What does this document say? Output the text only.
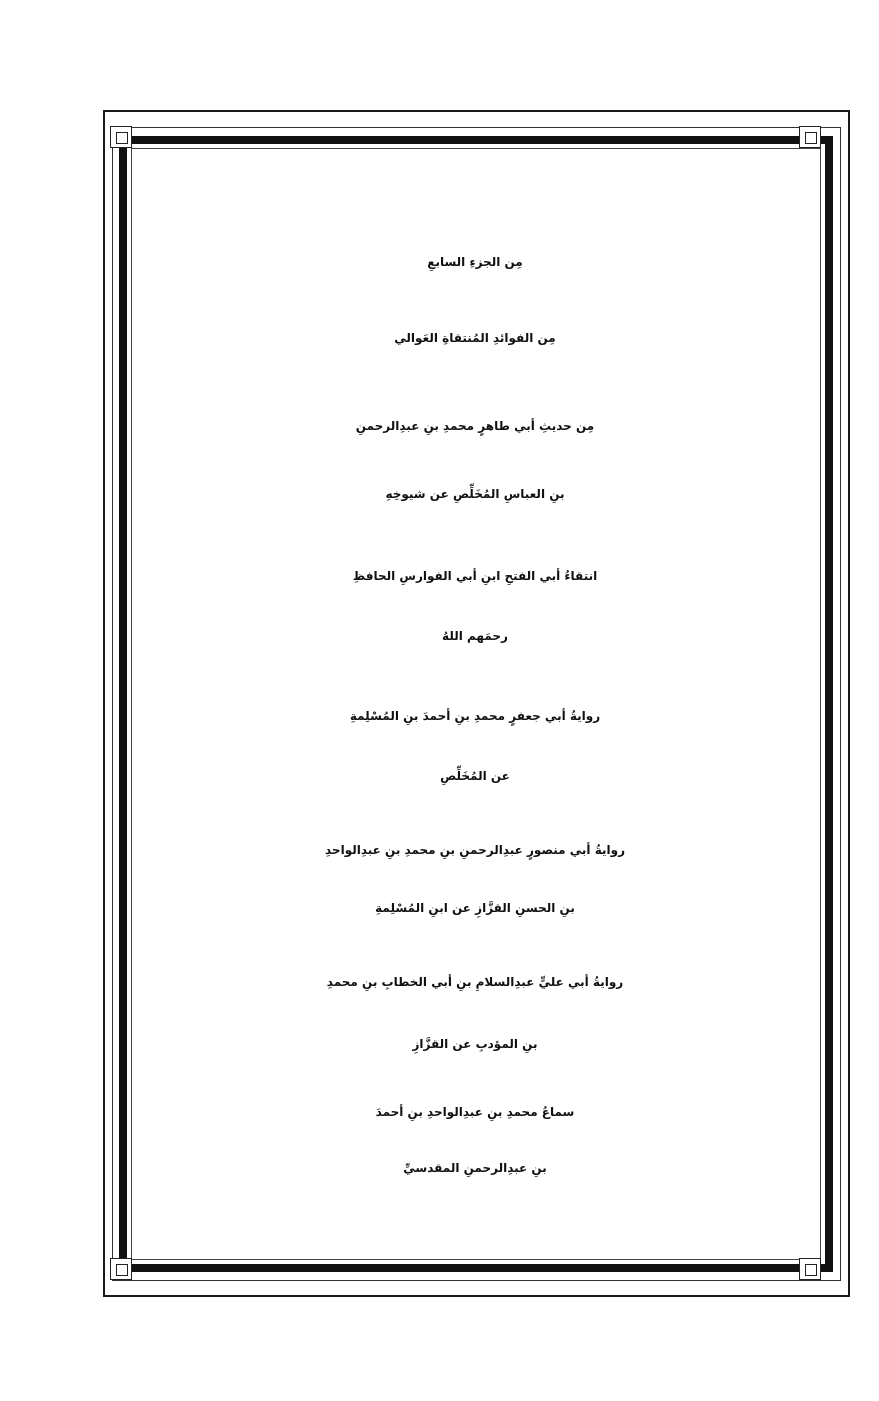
مِن الجزءِ السابعِ
مِن الفوائدِ المُنتقاةِ العَوالي
مِن حديثِ أبي طاهرٍ محمدِ بنِ عبدِالرحمنِ
بنِ العباسِ المُخَلِّصِ عن شيوخِهِ
انتقاءُ أبي الفتحِ ابنِ أبي الفوارسِ الحافظِ
رحمَهم اللهُ
روايةُ أبي جعفرٍ محمدِ بنِ أحمدَ بنِ المُسْلِمةِ
عن المُخَلِّصِ
روايةُ أبي منصورٍ عبدِالرحمنِ بنِ محمدِ بنِ عبدِالواحدِ
بنِ الحسنِ القزَّازِ عن ابنِ المُسْلِمةِ
روايةُ أبي عليٍّ عبدِالسلامِ بنِ أبي الخطابِ بنِ محمدِ
بنِ المؤدبِ عن القزَّازِ
سماعُ محمدِ بنِ عبدِالواحدِ بنِ أحمدَ
بنِ عبدِالرحمنِ المقدسيِّ
